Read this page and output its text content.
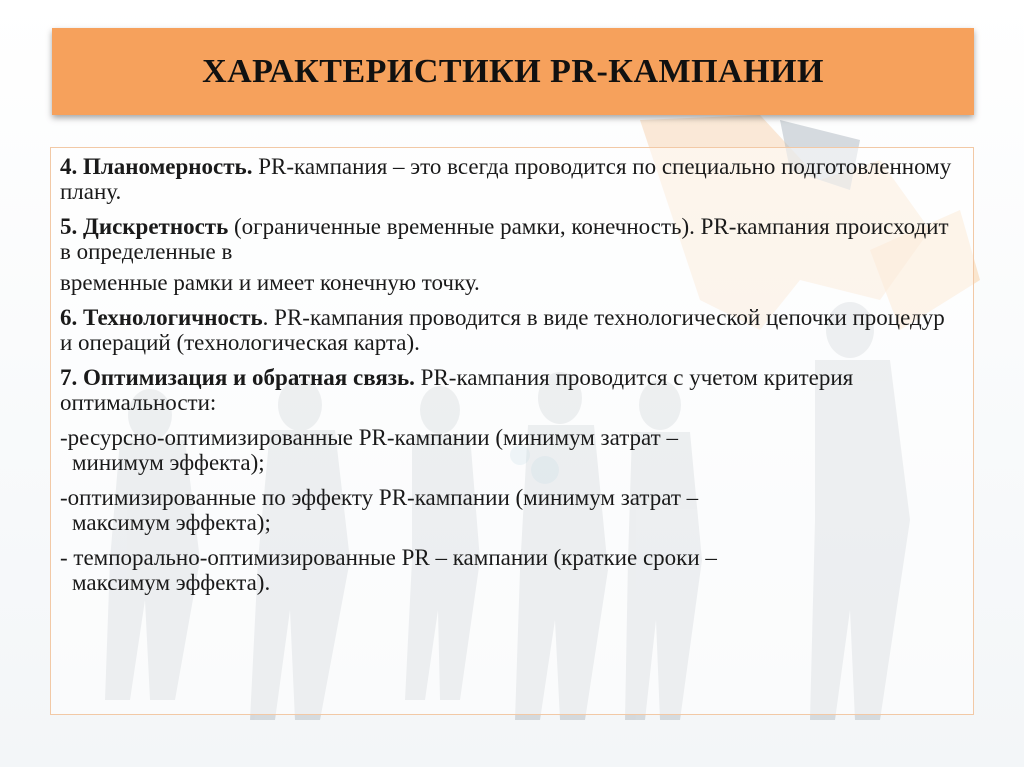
ХАРАКТЕРИСТИКИ PR-КАМПАНИИ

4. Планомерность. PR-кампания – это всегда проводится по специально подготовленному плану.

5. Дискретность (ограниченные временные рамки, конечность). PR-кампания происходит в определенные в

временные рамки и имеет конечную точку.

6. Технологичность. PR-кампания проводится в виде технологической цепочки процедур и операций (технологическая карта).

7. Оптимизация и обратная связь. PR-кампания проводится с учетом критерия оптимальности:

-ресурсно-оптимизированные PR-кампании (минимум затрат –
минимум эффекта);

-оптимизированные по эффекту PR-кампании (минимум затрат –
максимум эффекта);

- темпорально-оптимизированные PR – кампании (краткие сроки –
максимум эффекта).
